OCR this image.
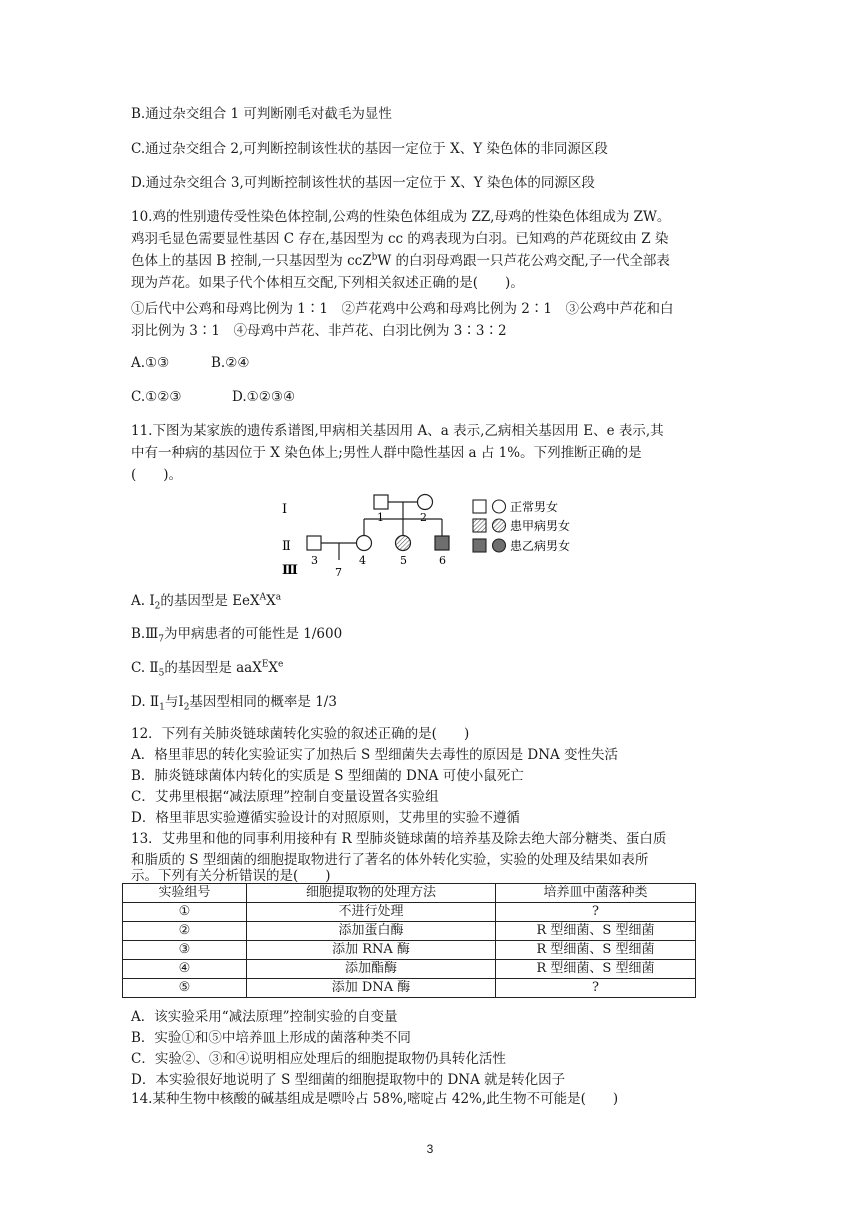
B.通过杂交组合 1 可判断刚毛对截毛为显性
C.通过杂交组合 2,可判断控制该性状的基因一定位于 X、Y 染色体的非同源区段
D.通过杂交组合 3,可判断控制该性状的基因一定位于 X、Y 染色体的同源区段
10.鸡的性别遗传受性染色体控制,公鸡的性染色体组成为 ZZ,母鸡的性染色体组成为 ZW。
鸡羽毛显色需要显性基因 C 存在,基因型为 cc 的鸡表现为白羽。已知鸡的芦花斑纹由 Z 染
色体上的基因 B 控制,一只基因型为 ccZ$^b$W 的白羽母鸡跟一只芦花公鸡交配,子一代全部表
现为芦花。如果子代个体相互交配,下列相关叙述正确的是(　　)。
①后代中公鸡和母鸡比例为 1∶1　②芦花鸡中公鸡和母鸡比例为 2∶1　③公鸡中芦花和白
羽比例为 3∶1　④母鸡中芦花、非芦花、白羽比例为 3∶3∶2
A.①③	B.②④
C.①②③	D.①②③④
11.下图为某家族的遗传系谱图,甲病相关基因用 A、a 表示,乙病相关基因用 E、e 表示,其
中有一种病的基因位于 X 染色体上;男性人群中隐性基因 a 占 1%。下列推断正确的是
(　　)。
Ⅰ
Ⅱ
Ⅲ
1	2
3	4	5	6
7
正常男女
患甲病男女
患乙病男女
A. $Ⅰ_2$的基因型是 $EeX^AX^a$
$B.Ⅲ_7$为甲病患者的可能性是 1/600
C. $Ⅱ_5$的基因型是 aaX$^E$Xe
D. $Ⅱ_1$与$Ⅰ_2$基因型相同的概率是 1/3
12．下列有关肺炎链球菌转化实验的叙述正确的是(　　)
A．格里菲思的转化实验证实了加热后 S 型细菌失去毒性的原因是 DNA 变性失活
B．肺炎链球菌体内转化的实质是 S 型细菌的 DNA 可使小鼠死亡
C．艾弗里根据“减法原理”控制自变量设置各实验组
D．格里菲思实验遵循实验设计的对照原则，艾弗里的实验不遵循
13．艾弗里和他的同事利用接种有 R 型肺炎链球菌的培养基及除去绝大部分糖类、蛋白质
和脂质的 S 型细菌的细胞提取物进行了著名的体外转化实验，实验的处理及结果如表所
示。下列有关分析错误的是(　　)
实验组号	细胞提取物的处理方法	培养皿中菌落种类
①	不进行处理	?
②	添加蛋白酶	R 型细菌、S 型细菌
③	添加 RNA 酶	R 型细菌、S 型细菌
④	添加酯酶	R 型细菌、S 型细菌
⑤	添加 DNA 酶	?
A．该实验采用“减法原理”控制实验的自变量
B．实验①和⑤中培养皿上形成的菌落种类不同
C．实验②、③和④说明相应处理后的细胞提取物仍具转化活性
D．本实验很好地说明了 S 型细菌的细胞提取物中的 DNA 就是转化因子
14.某种生物中核酸的碱基组成是嘌呤占 58%,嘧啶占 42%,此生物不可能是(　　)
3
